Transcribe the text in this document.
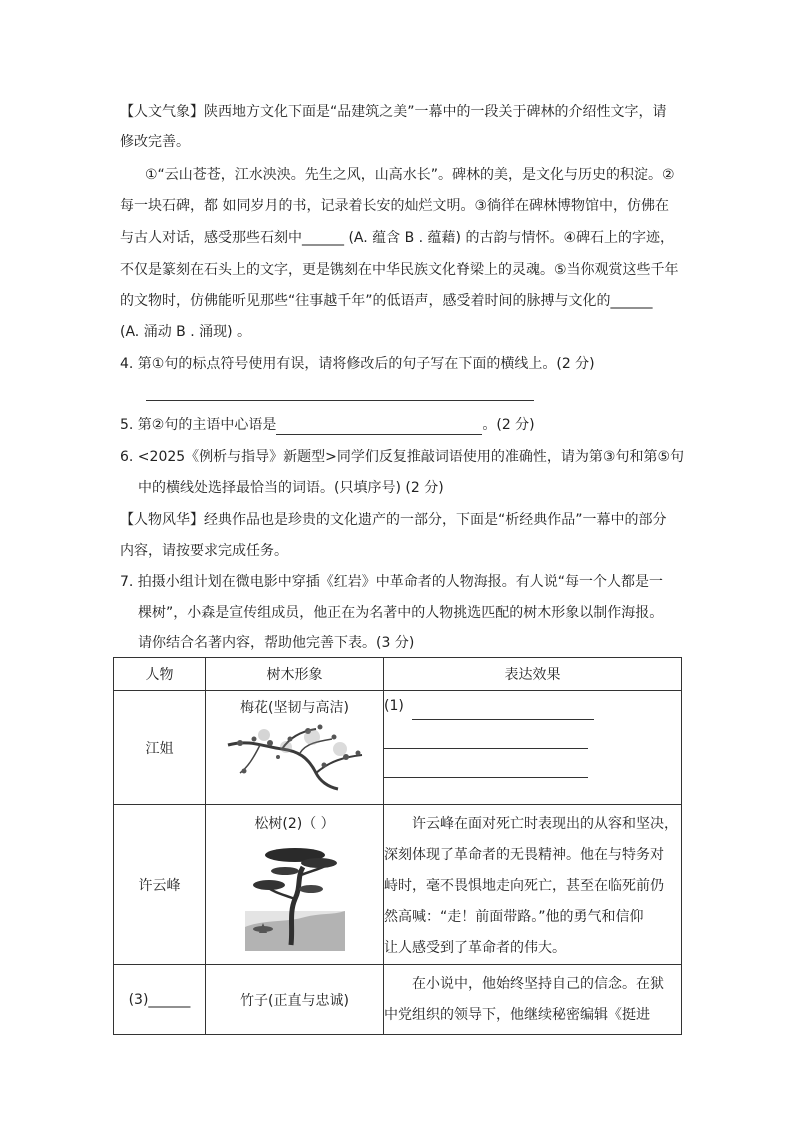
【人文气象】陕西地方文化下面是“品建筑之美”一幕中的一段关于碑林的介绍性文字，请
修改完善。
①“云山苍苍，江水泱泱。先生之风，山高水长”。碑林的美，是文化与历史的积淀。②
每一块石碑，都 如同岁月的书，记录着长安的灿烂文明。③徜徉在碑林博物馆中，仿佛在
与古人对话，感受那些石刻中______ (A. 蕴含 B . 蕴藉) 的古韵与情怀。④碑石上的字迹，
不仅是篆刻在石头上的文字，更是镌刻在中华民族文化脊梁上的灵魂。⑤当你观赏这些千年
的文物时，仿佛能听见那些“往事越千年”的低语声，感受着时间的脉搏与文化的______
(A. 涌动 B . 涌现) 。
4. 第①句的标点符号使用有误，请将修改后的句子写在下面的横线上。(2 分)
5. 第②句的主语中心语是	。(2 分)
6. <2025《例析与指导》新题型>同学们反复推敲词语使用的准确性，请为第③句和第⑤句
中的横线处选择最恰当的词语。(只填序号) (2 分)
【人物风华】经典作品也是珍贵的文化遗产的一部分，下面是“析经典作品”一幕中的部分
内容，请按要求完成任务。
7. 拍摄小组计划在微电影中穿插《红岩》中革命者的人物海报。有人说“每一个人都是一
棵树”，小森是宣传组成员，他正在为名著中的人物挑选匹配的树木形象以制作海报。
请你结合名著内容，帮助他完善下表。(3 分)
人物	树木形象	表达效果
江姐	梅花(坚韧与高洁)	(1)

许云峰	松树(2)（ ）	许云峰在面对死亡时表现出的从容和坚决，
深刻体现了革命者的无畏精神。他在与特务对
峙时，毫不畏惧地走向死亡，甚至在临死前仍
然高喊：“走！前面带路。”他的勇气和信仰
让人感受到了革命者的伟大。

(3)______	竹子(正直与忠诚)	在小说中，他始终坚持自己的信念。在狱
中党组织的领导下，他继续秘密编辑《挺进
